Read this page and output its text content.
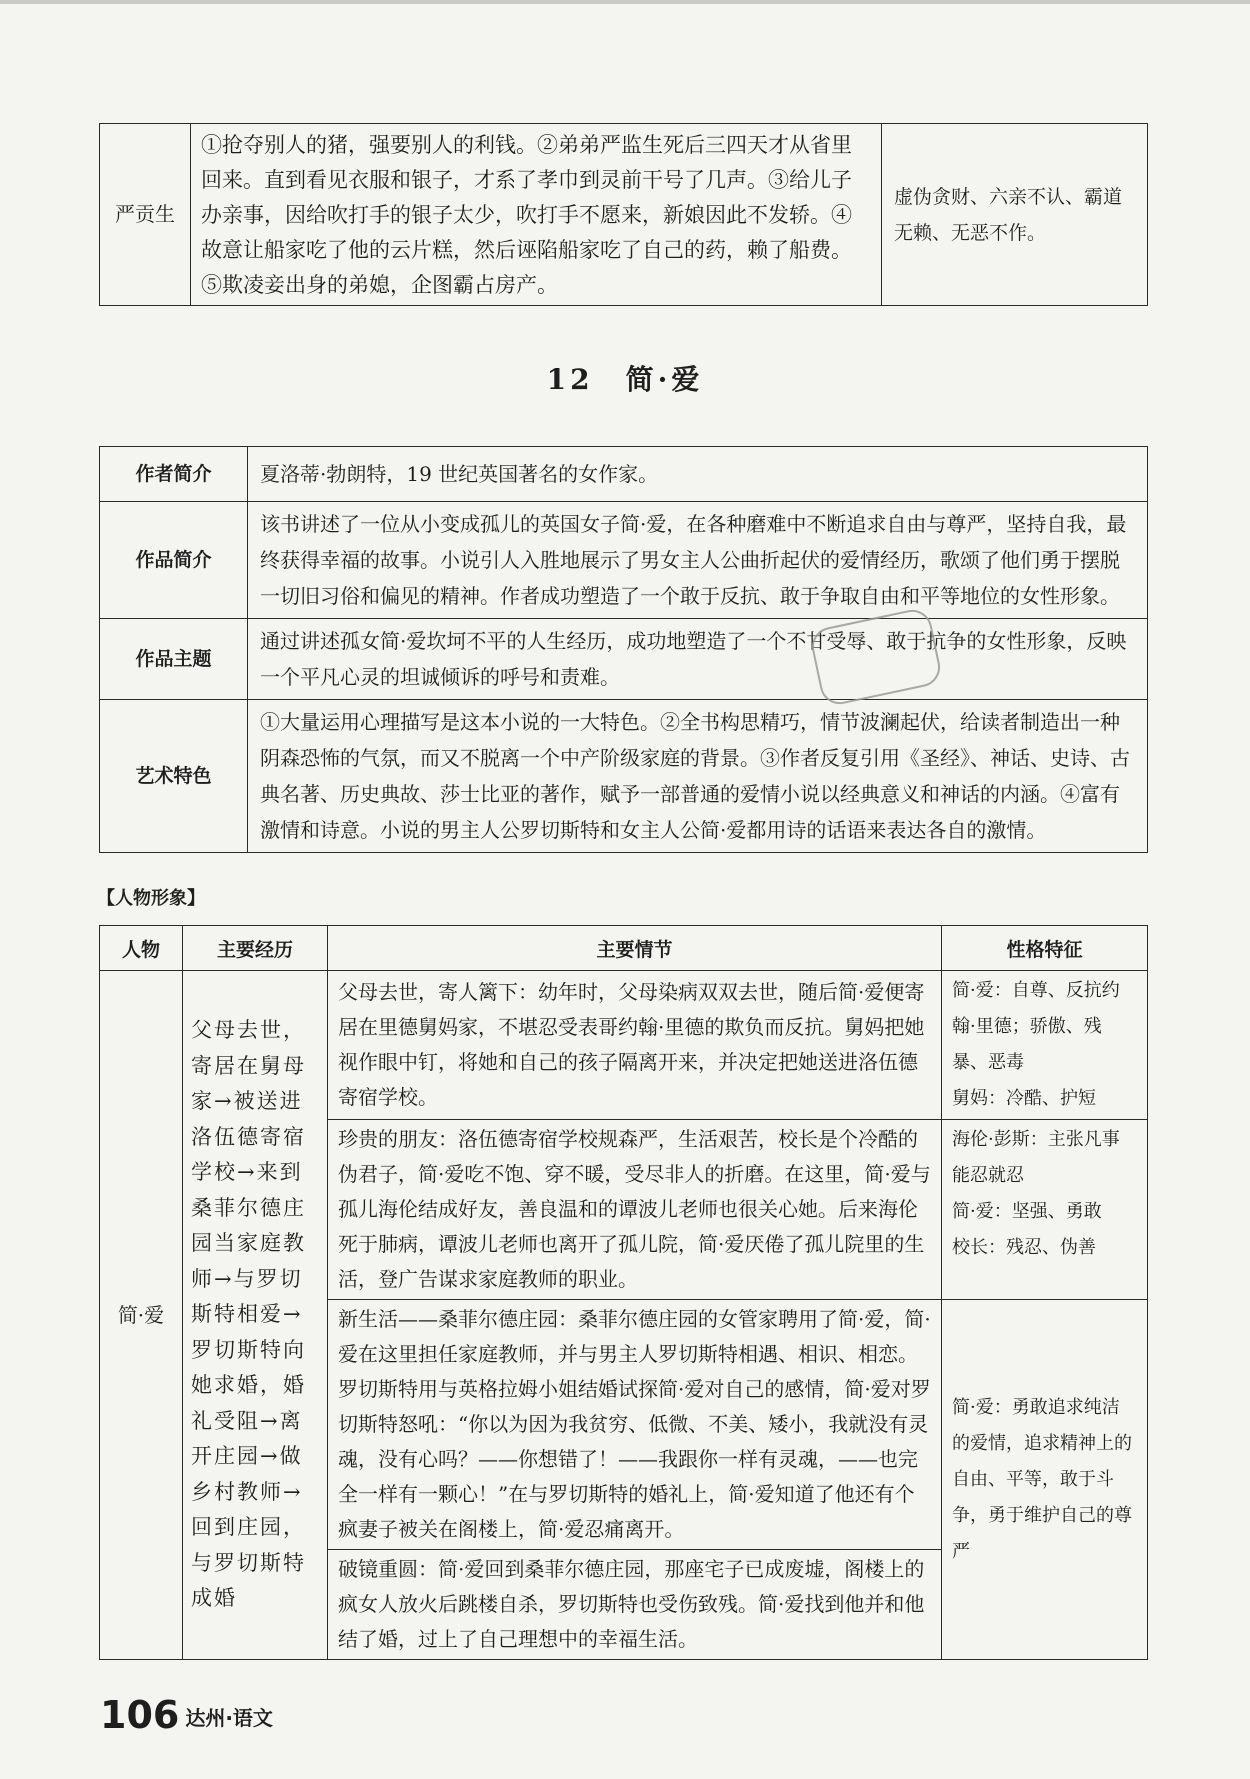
严贡生	①抢夺别人的猪，强要别人的利钱。②弟弟严监生死后三四天才从省里回来。直到看见衣服和银子，才系了孝巾到灵前干号了几声。③给儿子办亲事，因给吹打手的银子太少，吹打手不愿来，新娘因此不发轿。④故意让船家吃了他的云片糕，然后诬陷船家吃了自己的药，赖了船费。⑤欺凌妾出身的弟媳，企图霸占房产。	虚伪贪财、六亲不认、霸道无赖、无恶不作。
12　简·爱
作者简介	夏洛蒂·勃朗特，19 世纪英国著名的女作家。
作品简介	该书讲述了一位从小变成孤儿的英国女子简·爱，在各种磨难中不断追求自由与尊严，坚持自我，最终获得幸福的故事。小说引人入胜地展示了男女主人公曲折起伏的爱情经历，歌颂了他们勇于摆脱一切旧习俗和偏见的精神。作者成功塑造了一个敢于反抗、敢于争取自由和平等地位的女性形象。
作品主题	通过讲述孤女简·爱坎坷不平的人生经历，成功地塑造了一个不甘受辱、敢于抗争的女性形象，反映一个平凡心灵的坦诚倾诉的呼号和责难。
艺术特色	①大量运用心理描写是这本小说的一大特色。②全书构思精巧，情节波澜起伏，给读者制造出一种阴森恐怖的气氛，而又不脱离一个中产阶级家庭的背景。③作者反复引用《圣经》、神话、史诗、古典名著、历史典故、莎士比亚的著作，赋予一部普通的爱情小说以经典意义和神话的内涵。④富有激情和诗意。小说的男主人公罗切斯特和女主人公简·爱都用诗的话语来表达各自的激情。
【人物形象】
人物	主要经历	主要情节	性格特征
简·爱	父母去世，寄居在舅母家→被送进洛伍德寄宿学校→来到桑菲尔德庄园当家庭教师→与罗切斯特相爱→罗切斯特向她求婚，婚礼受阻→离开庄园→做乡村教师→回到庄园，与罗切斯特成婚	父母去世，寄人篱下：幼年时，父母染病双双去世，随后简·爱便寄居在里德舅妈家，不堪忍受表哥约翰·里德的欺负而反抗。舅妈把她视作眼中钉，将她和自己的孩子隔离开来，并决定把她送进洛伍德寄宿学校。	简·爱：自尊、反抗约翰·里德；骄傲、残暴、恶毒
舅妈：冷酷、护短
		珍贵的朋友：洛伍德寄宿学校规森严，生活艰苦，校长是个冷酷的伪君子，简·爱吃不饱、穿不暖，受尽非人的折磨。在这里，简·爱与孤儿海伦结成好友，善良温和的谭波儿老师也很关心她。后来海伦死于肺病，谭波儿老师也离开了孤儿院，简·爱厌倦了孤儿院里的生活，登广告谋求家庭教师的职业。	海伦·彭斯：主张凡事能忍就忍
简·爱：坚强、勇敢
校长：残忍、伪善
		新生活——桑菲尔德庄园：桑菲尔德庄园的女管家聘用了简·爱，简·爱在这里担任家庭教师，并与男主人罗切斯特相遇、相识、相恋。罗切斯特用与英格拉姆小姐结婚试探简·爱对自己的感情，简·爱对罗切斯特怒吼：“你以为因为我贫穷、低微、不美、矮小，我就没有灵魂，没有心吗？——你想错了！——我跟你一样有灵魂，——也完全一样有一颗心！”在与罗切斯特的婚礼上，简·爱知道了他还有个疯妻子被关在阁楼上，简·爱忍痛离开。	简·爱：勇敢追求纯洁的爱情，追求精神上的自由、平等，敢于斗争，勇于维护自己的尊严
		破镜重圆：简·爱回到桑菲尔德庄园，那座宅子已成废墟，阁楼上的疯女人放火后跳楼自杀，罗切斯特也受伤致残。简·爱找到他并和他结了婚，过上了自己理想中的幸福生活。	
106 达州·语文
